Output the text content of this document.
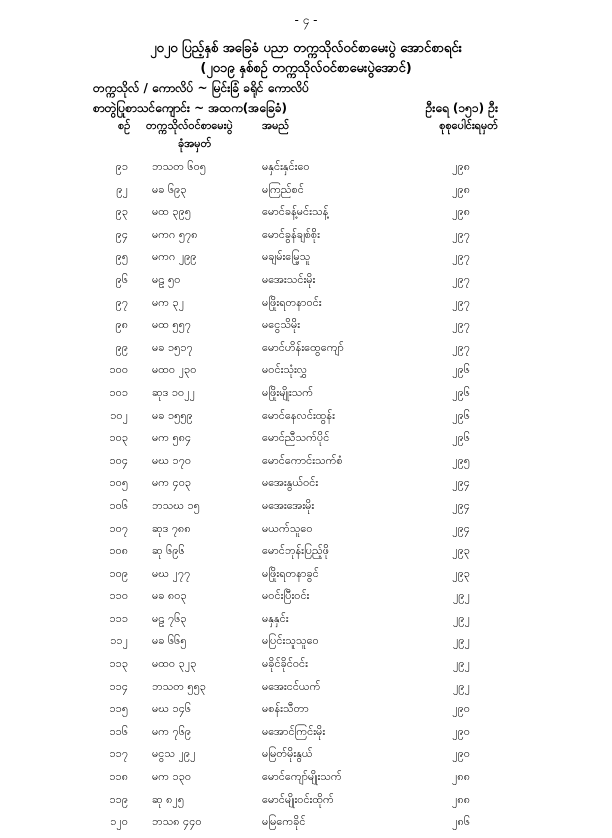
- ၄ -
၂၀၂၀ ပြည့်နှစ် အခြေခံ ပညာ တက္ကသိုလ်ဝင်စာမေးပွဲ အောင်စာရင်း
(၂၀၁၉ နှစ်စဉ် တက္ကသိုလ်ဝင်စာမေးပွဲအောင်)
တက္ကသိုလ် / ကောလိပ် ~ မြင်းခြံ ခရိုင် ကောလိပ်
စာတွဲပြုစာသင်ကျောင်း ~ အထက(အခြေခံ)	ဦးရေ (၁၅၁) ဦး
စဉ် တက္ကသိုလ်ဝင်စာမေးပွဲ
ခုံအမှတ်
အမည်	စုစုပေါင်းရမှတ်
၉၁ ဘသတ ၆၀၅	မနှင်းနှင်းဝေ	၂၉၈
၉၂ မခ ၆၉၃	မကြည်စင်	၂၉၈
၉၃ မထ ၃၉၅	မောင်ခန့်မင်းသန့်	၂၉၈
၉၄ မကဂ ၅၇၈	မောင်ခွန်ချစ်စိုး	၂၉၇
၉၅ မကဂ ၂၉၉	မချမ်းမြေ့သူ	၂၉၇
၉၆ မဠ ၅၀	မအေးသင်းမိုး	၂၉၇
၉၇ မက ၃၂	မဖြိုးရတနာဝင်း	၂၉၇
၉၈ မထ ၅၅၇	မငွေသိမိုး	၂၉၇
၉၉ မခ ၁၅၁၇	မောင်ဟိန်းထွေကျော်	၂၉၇
၁၀၀ မထ၀ ၂၃၀	မဝင်းသုံးလွှ	၂၉၆
၁၀၁ ဆုဒ ၁၀၂၂	မဖြိုးမျိုးသက်	၂၉၆
၁၀၂ မခ ၁၅၅၉	မောင်နေလင်းထွန်း	၂၉၆
၁၀၃ မက ၅၈၄	မောင်ညီသက်ပိုင်	၂၉၆
၁၀၄ မဃ ၁၇၀	မောင်ကောင်းသက်စံ	၂၉၅
၁၀၅ မက ၄၀၃	မအေးနွယ်ဝင်း	၂၉၄
၁၀၆ ဘသဃ ၁၅	မအေးအေးမိုး	၂၉၄
၁၀၇ ဆုဒ ၇၈၈	မယက်သူဝေ	၂၉၄
၁၀၈ ဆု ၆၉၆	မောင်ဘုန်းပြည့်ဖို	၂၉၃
၁၀၉ မဃ ၂၇၇	မဖြိုးရတနာခွင်	၂၉၃
၁၁၀ မခ ၈၀၃	မဝင်းပြီးဝင်း	၂၉၂
၁၁၁ မဠ ၇၆၃	မနှနှင်း	၂၉၂
၁၁၂ မခ ၆၆၅	မပြင်းသူသူဝေ	၂၉၂
၁၁၃ မထ၀ ၃၂၃	မခိုင်ခိုင်ဝင်း	၂၉၂
၁၁၄ ဘသတ ၅၅၃	မအေးငင်ယက်	၂၉၂
၁၁၅ မဃ ၁၄၆	မစန်းသီတာ	၂၉၀
၁၁၆ မက ၇၆၉	မအောင်ကြင်းမိုး	၂၉၀
၁၁၇ မငွသ ၂၉၂	မမြတ်မိုးနွယ်	၂၉၀
၁၁၈ မက ၁၃၀	မောင်ကျော်မျိုးသက်	၂၈၈
၁၁၉ ဆု ၈၂၅	မောင်မျိုးဝင်းထိုက်	၂၈၈
၁၂၀ ဘသ၈ ၄၄၀	မမြကေခိုင်	၂၈၆
